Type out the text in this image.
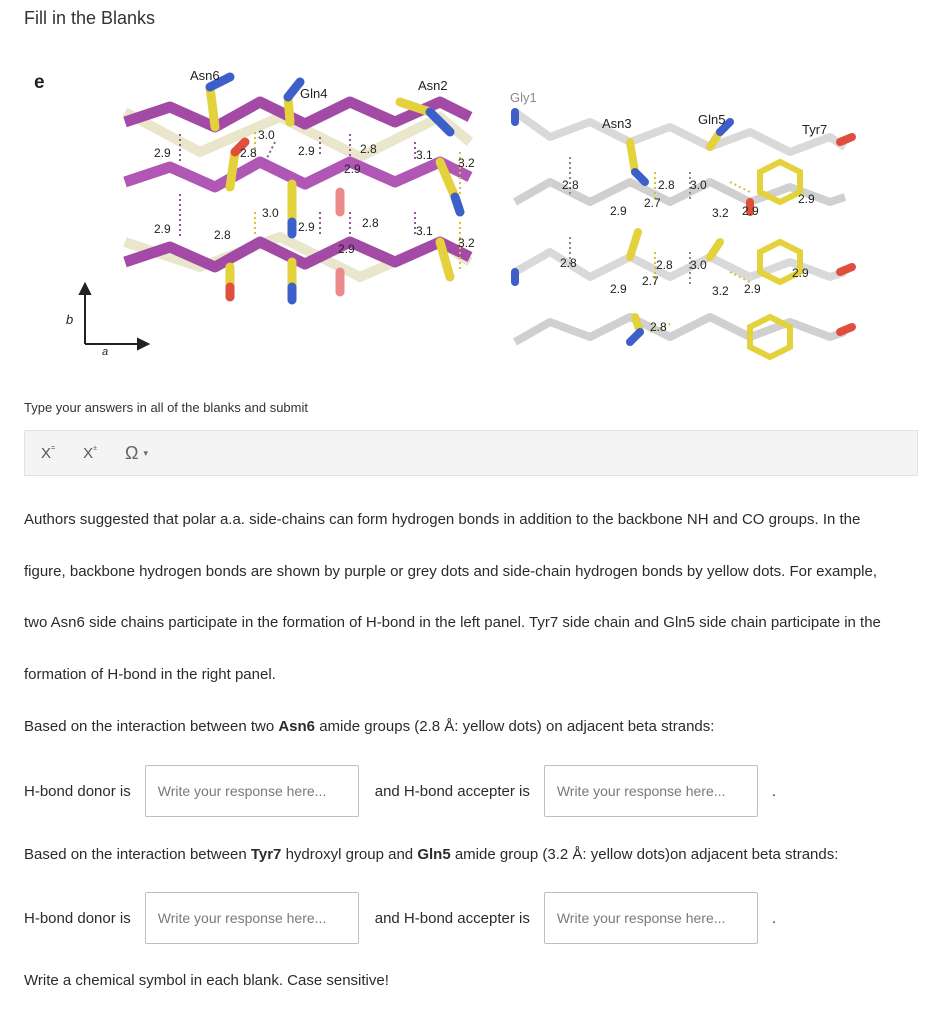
Fill in the Blanks
e
b
a
Asn6
Gln4
Asn2
Gly1
Asn3	Gln5
Tyr7
3.0
2.9	2.8	2.9	2.8
2.9
3.1
3.2
3.0
2.9	2.8
2.9	2.8
2.9
3.1
3.2
2.8	2.8 3.0
2.9
2.7
3.2 2.9
2.9
2.8	2.8 3.0
2.9
2.7
3.2 2.9
2.9
2.8
Type your answers in all of the blanks and submit
X= X± Ω ▾
Authors suggested that polar a.a. side-chains can form hydrogen bonds in addition to the backbone NH and CO groups. In the
figure, backbone hydrogen bonds are shown by purple or grey dots and side-chain hydrogen bonds by yellow dots. For example,
two Asn6 side chains participate in the formation of H-bond in the left panel. Tyr7 side chain and Gln5 side chain participate in the
formation of H-bond in the right panel.
Based on the interaction between two Asn6 amide groups (2.8 Å: yellow dots) on adjacent beta strands:
H-bond donor is
Write your response here...	and H-bond accepter is
Write your response here...	.
Based on the interaction between Tyr7 hydroxyl group and Gln5 amide group (3.2 Å: yellow dots)on adjacent beta strands:
H-bond donor is
Write your response here...	and H-bond accepter is
Write your response here...	.
Write a chemical symbol in each blank. Case sensitive!
